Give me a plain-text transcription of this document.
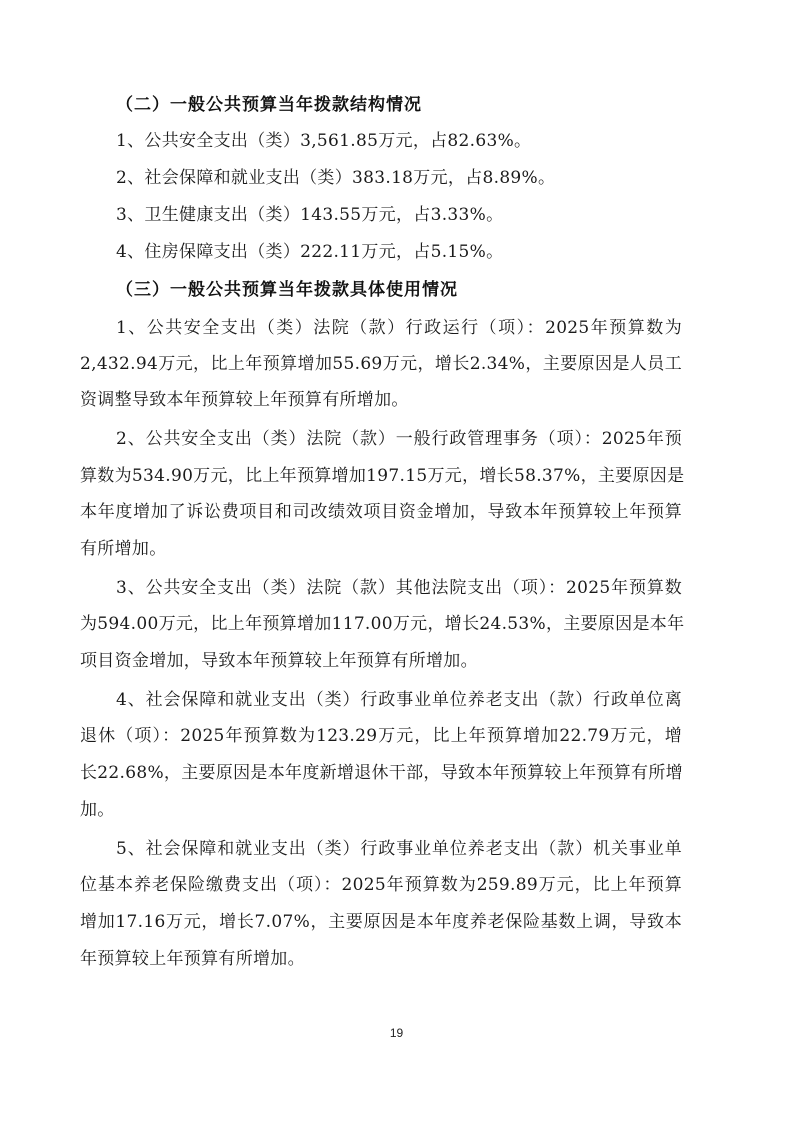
（二）一般公共预算当年拨款结构情况
1、公共安全支出（类）3,561.85万元，占82.63%。
2、社会保障和就业支出（类）383.18万元，占8.89%。
3、卫生健康支出（类）143.55万元，占3.33%。
4、住房保障支出（类）222.11万元，占5.15%。
（三）一般公共预算当年拨款具体使用情况
1、公共安全支出（类）法院（款）行政运行（项）：2025年预算数为
2,432.94万元，比上年预算增加55.69万元，增长2.34%，主要原因是人员工
资调整导致本年预算较上年预算有所增加。
2、公共安全支出（类）法院（款）一般行政管理事务（项）：2025年预
算数为534.90万元，比上年预算增加197.15万元，增长58.37%，主要原因是
本年度增加了诉讼费项目和司改绩效项目资金增加，导致本年预算较上年预算
有所增加。
3、公共安全支出（类）法院（款）其他法院支出（项）：2025年预算数
为594.00万元，比上年预算增加117.00万元，增长24.53%，主要原因是本年
项目资金增加，导致本年预算较上年预算有所增加。
4、社会保障和就业支出（类）行政事业单位养老支出（款）行政单位离
退休（项）：2025年预算数为123.29万元，比上年预算增加22.79万元，增
长22.68%，主要原因是本年度新增退休干部，导致本年预算较上年预算有所增
加。
5、社会保障和就业支出（类）行政事业单位养老支出（款）机关事业单
位基本养老保险缴费支出（项）：2025年预算数为259.89万元，比上年预算
增加17.16万元，增长7.07%，主要原因是本年度养老保险基数上调，导致本
年预算较上年预算有所增加。
19
